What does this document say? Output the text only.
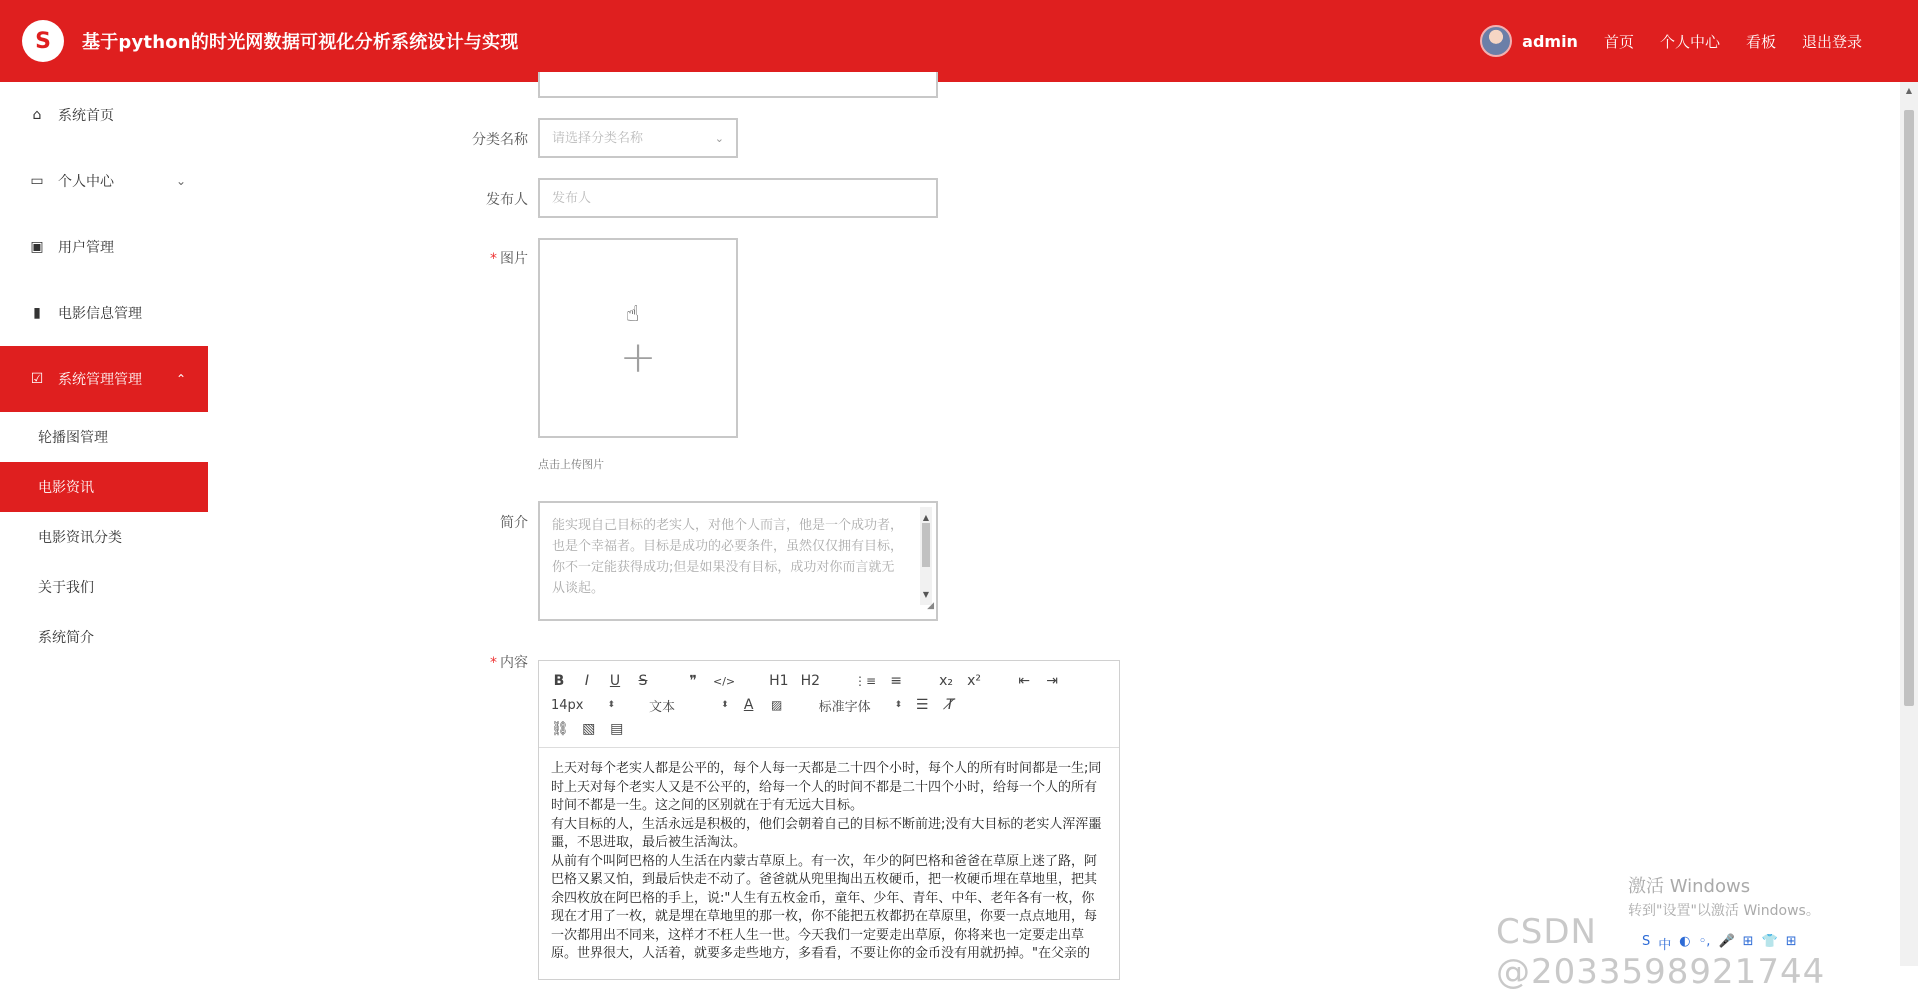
S	基于python的时光网数据可视化分析系统设计与实现	admin 首页 个人中心 看板 退出登录
⌂	系统首页
▭ 个人中心	⌄
▣ 用户管理
▮	电影信息管理
☑ 系统管理管理	⌃
轮播图管理
电影资讯
电影资讯分类
关于我们
系统简介
分类名称
请选择分类名称	⌄
发布人
发布人
* 图片
☝
+
点击上传图片
简介 能实现自己目标的老实人，对他个人而言，他是一个成功者，也是个幸福者。目标是成功的必要条件，虽然仅仅拥有目标，你不一定能获得成功;但是如果没有目标，成功对你而言就无从谈起。
▲
▼
◢
* 内容
B	I	U S	❞	</> H1 H2	⋮≡ ≡	x₂ x²	⇤ ⇥
14px	⬍	文本	⬍ A ▨	标准字体	⬍ ☰ T̸
⛓ ▧ ▤
上天对每个老实人都是公平的，每个人每一天都是二十四个小时，每个人的所有时间都是一生;同时上天对每个老实人又是不公平的，给每一个人的时间不都是二十四个小时，给每一个人的所有时间不都是一生。这之间的区别就在于有无远大目标。
有大目标的人，生活永远是积极的，他们会朝着自己的目标不断前进;没有大目标的老实人浑浑噩噩，不思进取，最后被生活淘汰。
从前有个叫阿巴格的人生活在内蒙古草原上。有一次，年少的阿巴格和爸爸在草原上迷了路，阿巴格又累又怕，到最后快走不动了。爸爸就从兜里掏出五枚硬币，把一枚硬币埋在草地里，把其余四枚放在阿巴格的手上，说:"人生有五枚金币，童年、少年、青年、中年、老年各有一枚，你现在才用了一枚，就是埋在草地里的那一枚，你不能把五枚都扔在草原里，你要一点点地用，每一次都用出不同来，这样才不枉人生一世。今天我们一定要走出草原，你将来也一定要走出草原。世界很大，人活着，就要多走些地方，多看看，不要让你的金币没有用就扔掉。"在父亲的
▲
激活 Windows
转到"设置"以激活 Windows。
CSDN @2033598921744
S 中 ◐ ◦, 🎤 ⊞ 👕 ⊞
